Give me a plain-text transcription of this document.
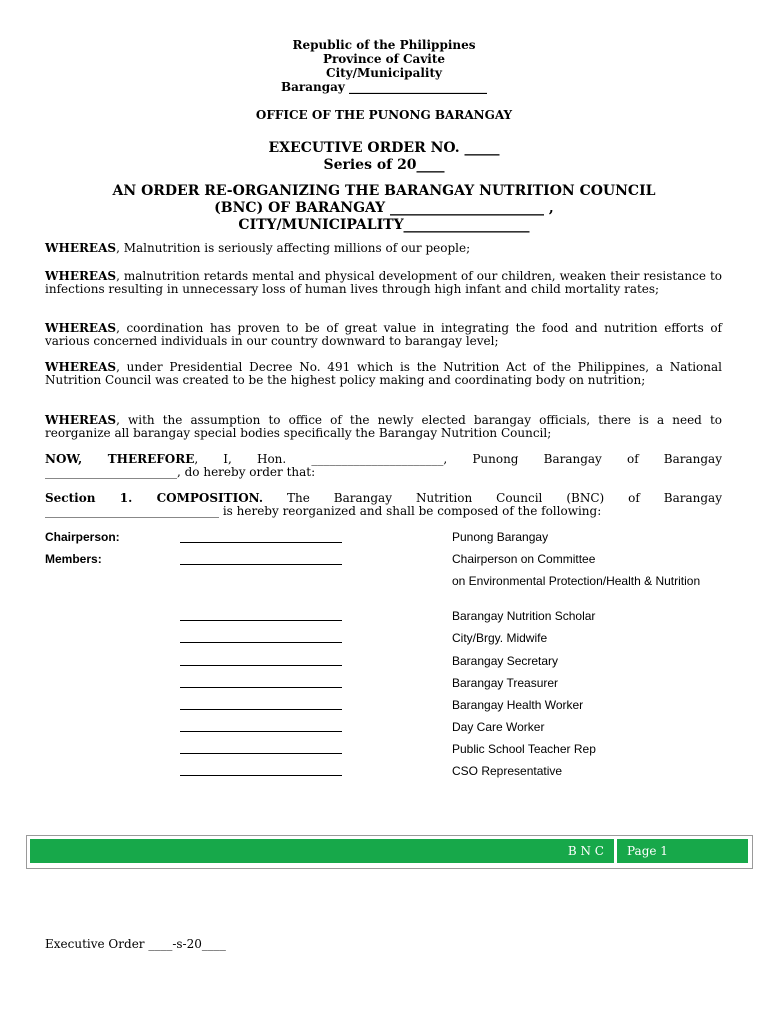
Republic of the Philippines
Province of Cavite
City/Municipality
Barangay _______________________
OFFICE OF THE PUNONG BARANGAY
EXECUTIVE ORDER NO. _____
Series of 20____
AN ORDER RE-ORGANIZING THE BARANGAY NUTRITION COUNCIL
(BNC) OF BARANGAY ______________________ ,
CITY/MUNICIPALITY__________________
WHEREAS, Malnutrition is seriously affecting millions of our people;
WHEREAS, malnutrition retards mental and physical development of our children, weaken their resistance to infections resulting in unnecessary loss of human lives through high infant and child mortality rates;
WHEREAS, coordination has proven to be of great value in integrating the food and nutrition efforts of various concerned individuals in our country downward to barangay level;
WHEREAS, under Presidential Decree No. 491 which is the Nutrition Act of the Philippines, a National Nutrition Council was created to be the highest policy making and coordinating body on nutrition;
WHEREAS, with the assumption to office of the newly elected barangay officials, there is a need to reorganize all barangay special bodies specifically the Barangay Nutrition Council;
NOW, THEREFORE, I, Hon. ______________________, Punong Barangay of Barangay
______________________, do hereby order that:
Section 1. COMPOSITION. The Barangay Nutrition Council (BNC) of Barangay
_____________________________ is hereby reorganized and shall be composed of the following:
Chairperson:
Members:
Punong Barangay
Chairperson on Committee
on Environmental Protection/Health & Nutrition
Barangay Nutrition Scholar
City/Brgy. Midwife
Barangay Secretary
Barangay Treasurer
Barangay Health Worker
Day Care Worker
Public School Teacher Rep
CSO Representative
B N C Page 1
Executive Order ____-s-20____
